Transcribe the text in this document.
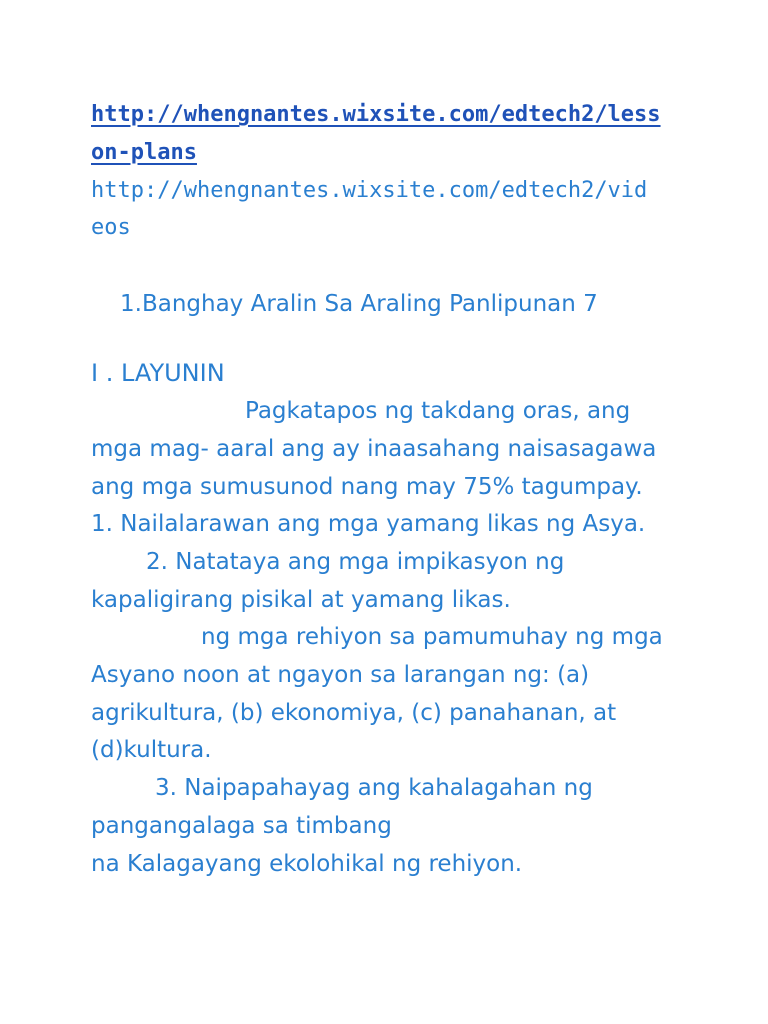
http://whengnantes.wixsite.com/edtech2/less
on-plans
http://whengnantes.wixsite.com/edtech2/vid
eos
1.Banghay Aralin Sa Araling Panlipunan 7
I . LAYUNIN
Pagkatapos ng takdang oras, ang
mga mag- aaral ang ay inaasahang naisasagawa
ang mga sumusunod nang may 75% tagumpay.
1. Nailalarawan ang mga yamang likas ng Asya.
2. Natataya ang mga impikasyon ng
kapaligirang pisikal at yamang likas.
ng mga rehiyon sa pamumuhay ng mga
Asyano noon at ngayon sa larangan ng: (a)
agrikultura, (b) ekonomiya, (c) panahanan, at
(d)kultura.
3. Naipapahayag ang kahalagahan ng
pangangalaga sa timbang
na Kalagayang ekolohikal ng rehiyon.
